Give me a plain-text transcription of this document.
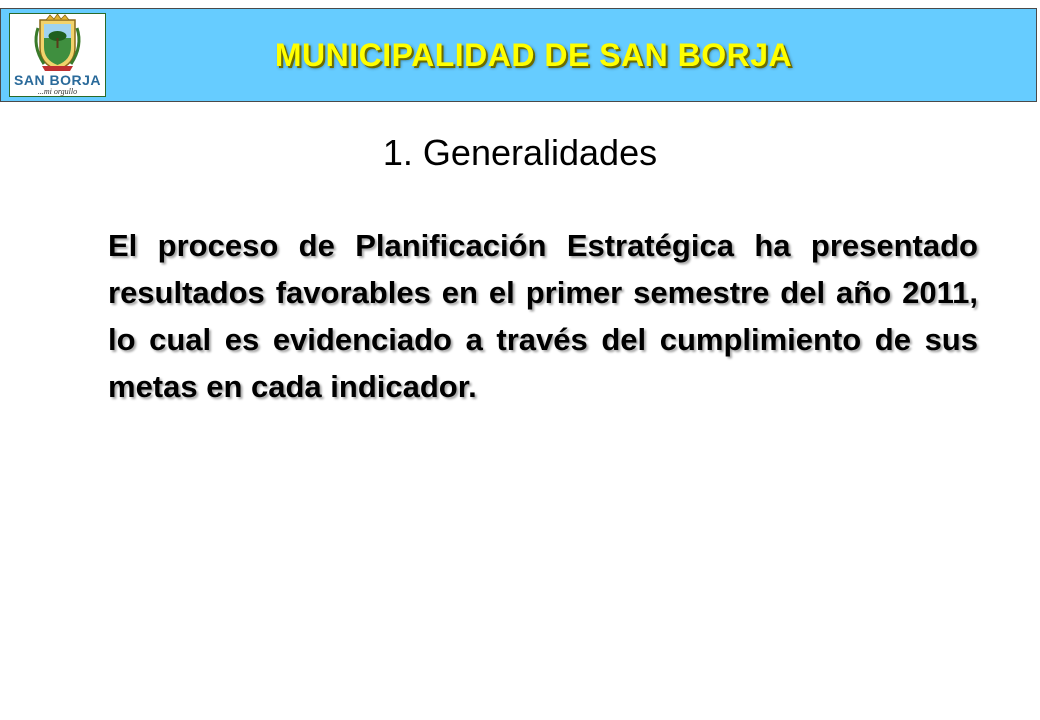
SAN BORJA
...mi orgullo
MUNICIPALIDAD DE SAN BORJA
1. Generalidades

El proceso de Planificación Estratégica ha presentado resultados favorables en el primer semestre del año 2011, lo cual es evidenciado a través del cumplimiento de sus metas en cada indicador.
